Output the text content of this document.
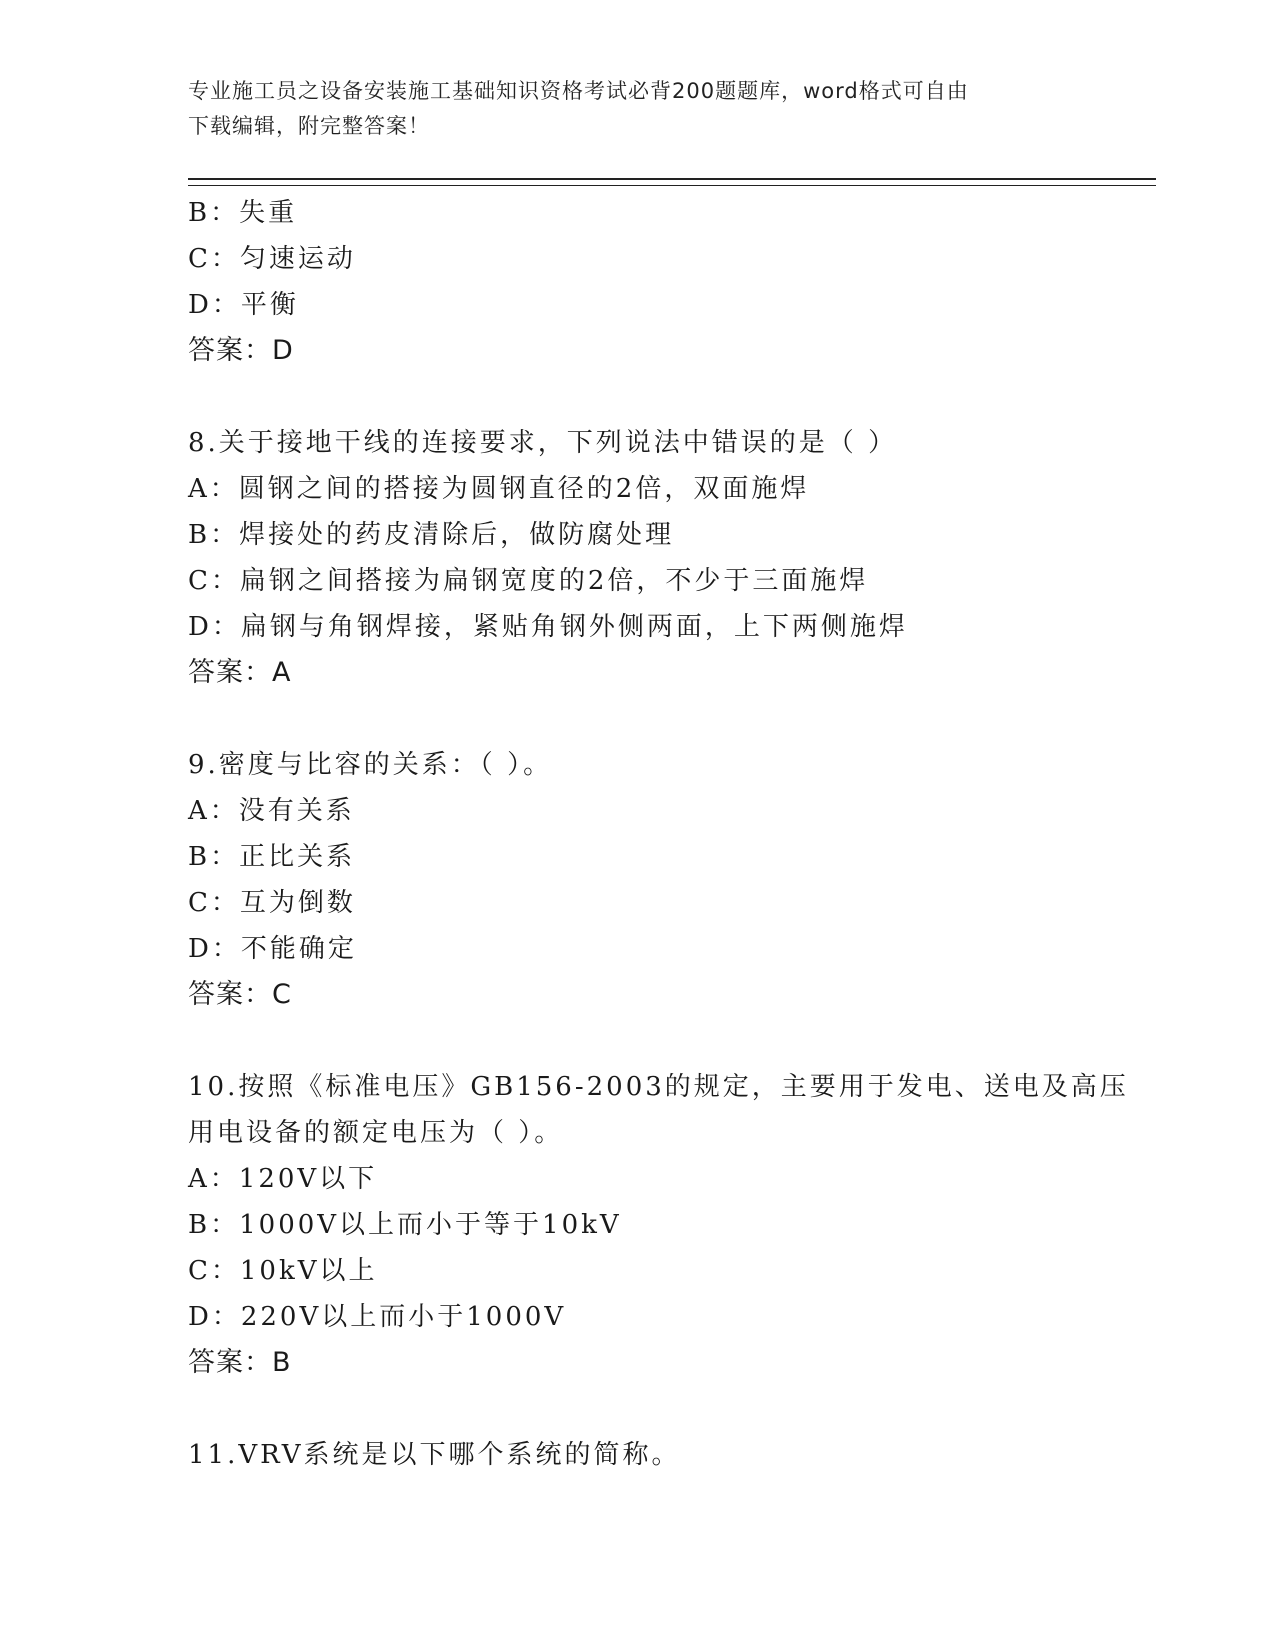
专业施工员之设备安装施工基础知识资格考试必背200题题库，word格式可自由
下载编辑，附完整答案！
B：失重
C：匀速运动
D：平衡
答案：D
8.关于接地干线的连接要求，下列说法中错误的是（ ）
A：圆钢之间的搭接为圆钢直径的2倍，双面施焊
B：焊接处的药皮清除后，做防腐处理
C：扁钢之间搭接为扁钢宽度的2倍，不少于三面施焊
D：扁钢与角钢焊接，紧贴角钢外侧两面，上下两侧施焊
答案：A
9.密度与比容的关系：（ ）。
A：没有关系
B：正比关系
C：互为倒数
D：不能确定
答案：C
10.按照《标准电压》GB156-2003的规定，主要用于发电、送电及高压
用电设备的额定电压为（ ）。
A：120V以下
B：1000V以上而小于等于10kV
C：10kV以上
D：220V以上而小于1000V
答案：B
11.VRV系统是以下哪个系统的简称。
